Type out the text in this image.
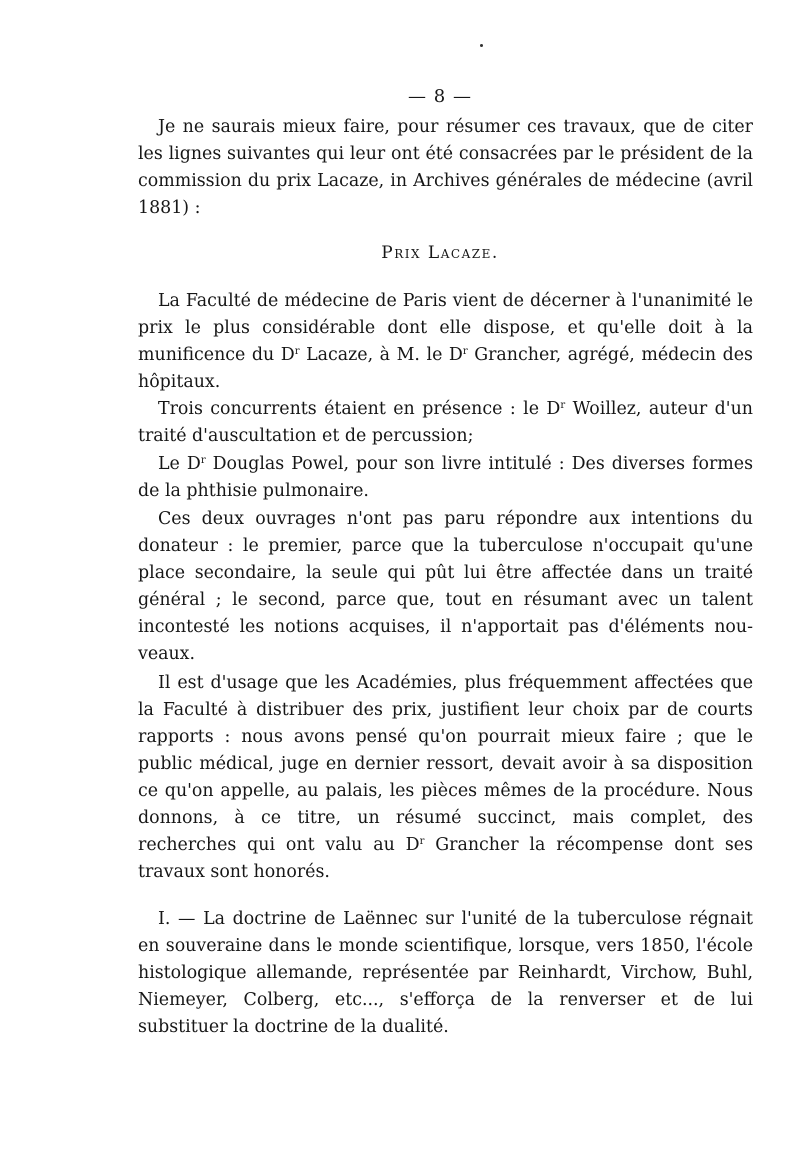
— 8 —

Je ne saurais mieux faire, pour résumer ces travaux, que de citer les lignes suivantes qui leur ont été consacrées par le président de la commission du prix Lacaze, in Archives générales de médecine (avril 1881) :

Prix Lacaze.

La Faculté de médecine de Paris vient de décerner à l'unanimité le prix le plus considérable dont elle dispose, et qu'elle doit à la munificence du $D^r$ Lacaze, à M. le $D^r$ Grancher, agrégé, médecin des hôpitaux.

Trois concurrents étaient en présence : le $D^r$ Woillez, auteur d'un traité d'auscultation et de percussion;

Le $D^r$ Douglas Powel, pour son livre intitulé : Des diverses formes de la phthisie pulmonaire.

Ces deux ouvrages n'ont pas paru répondre aux intentions du donateur : le premier, parce que la tuberculose n'occupait qu'une place secondaire, la seule qui pût lui être affectée dans un traité général ; le second, parce que, tout en résumant avec un talent incontesté les notions acquises, il n'apportait pas d'éléments nouveaux.

Il est d'usage que les Académies, plus fréquemment affectées que la Faculté à distribuer des prix, justifient leur choix par de courts rapports : nous avons pensé qu'on pourrait mieux faire ; que le public médical, juge en dernier ressort, devait avoir à sa disposition ce qu'on appelle, au palais, les pièces mêmes de la procédure. Nous donnons, à ce titre, un résumé succinct, mais complet, des recherches qui ont valu au $D^r$ Grancher la récompense dont ses travaux sont honorés.

I. — La doctrine de Laënnec sur l'unité de la tuberculose régnait en souveraine dans le monde scientifique, lorsque, vers 1850, l'école histologique allemande, représentée par Reinhardt, Virchow, Buhl, Niemeyer, Colberg, etc..., s'efforça de la renverser et de lui substituer la doctrine de la dualité.
